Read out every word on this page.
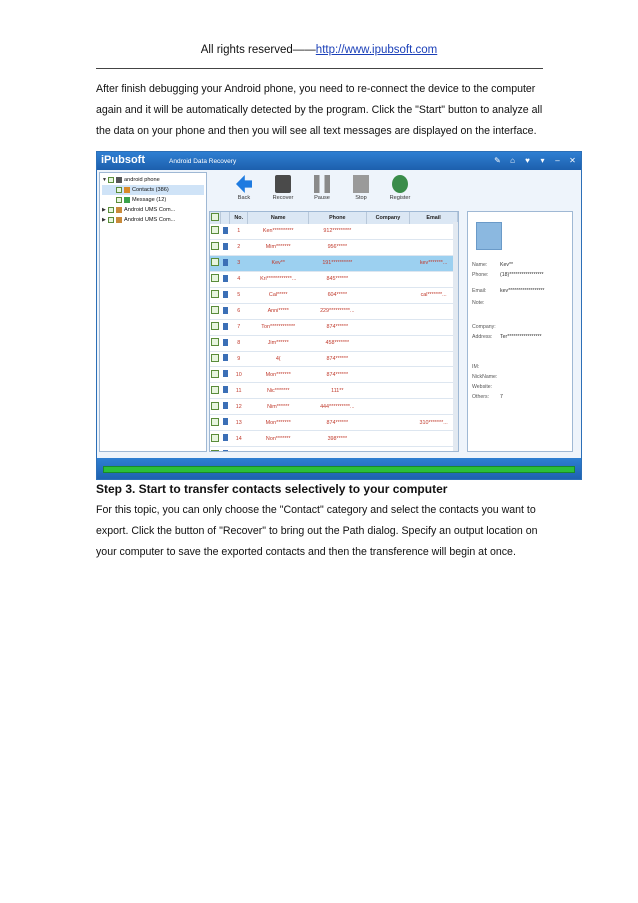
All rights reserved——http://www.ipubsoft.com

After finish debugging your Android phone, you need to re-connect the device to the computer again and it will be automatically detected by the program. Click the "Start" button to analyze all the data on your phone and then you will see all text messages are displayed on the interface.

iPubsoft	Android Data Recovery	✎ ⌂ ♥	▾	– ✕
▼	android phone
Contacts (386)
Message (12)
▶	Android UMS Com...
▶	Android UMS Com...
Back	Recover	Pause	Stop	Register
		No.	Name	Phone	Company	Email
		1	Ken**********	912*********		
		2	Mim*******	956*****		
		3	Kev**	191**********		kev*******...
		4	Kri************...	845******		
		5	Cal*****	604*****		cal*******...
		6	Anni*****	229**********...		
		7	Ton************	874******		
		8	Jim******	458*******		
		9	4(	874******		
		10	Mon*******	874******		
		11	Nic*******	111**		
		12	Nim******	444**********...		
		13	Mon*******	874******		310*******...
		14	Non*******	398*****		

Name: Kev**
Phone: (18)*****************
Email:	kev******************
Note:
Company:
Address: Ter*****************
IM:
NickName:
Website:
Others: 7

Step 3. Start to transfer contacts selectively to your computer

For this topic, you can only choose the "Contact" category and select the contacts you want to export. Click the button of "Recover" to bring out the Path dialog. Specify an output location on your computer to save the exported contacts and then the transference will begin at once.
